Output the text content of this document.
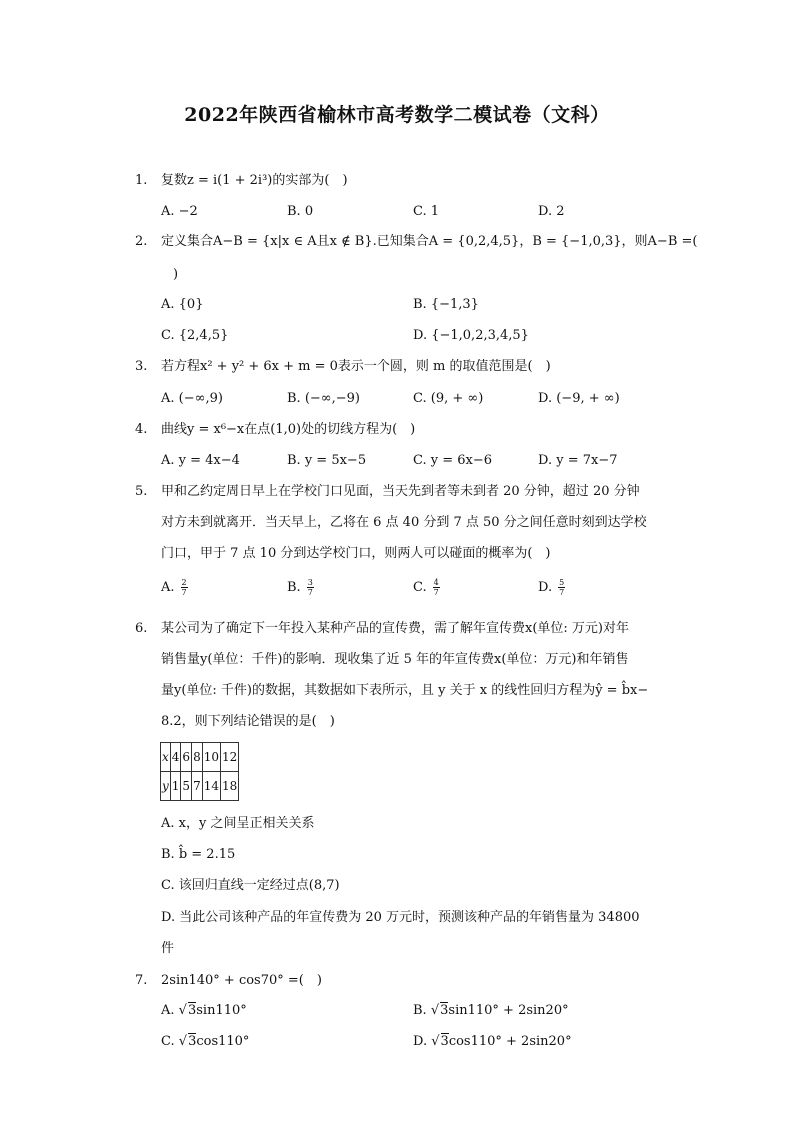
2022年陕西省榆林市高考数学二模试卷（文科）
1. 复数z = i(1 + 2i³)的实部为(　)
A. −2	B. 0	C. 1	D. 2
2. 定义集合A−B = {x|x ∈ A且x ∉ B}.已知集合A = {0,2,4,5}，B = {−1,0,3}，则A−B =(
)
A. {0}	B. {−1,3}
C. {2,4,5}	D. {−1,0,2,3,4,5}
3. 若方程x² + y² + 6x + m = 0表示一个圆，则 m 的取值范围是(　)
A. (−∞,9)	B. (−∞,−9)	C. (9, + ∞)	D. (−9, + ∞)
4. 曲线y = x⁶−x在点(1,0)处的切线方程为(　)
A. y = 4x−4	B. y = 5x−5	C. y = 6x−6	D. y = 7x−7
5. 甲和乙约定周日早上在学校门口见面，当天先到者等未到者 20 分钟，超过 20 分钟
对方未到就离开．当天早上，乙将在 6 点 40 分到 7 点 50 分之间任意时刻到达学校
门口，甲于 7 点 10 分到达学校门口，则两人可以碰面的概率为(　)
A. $\frac{2}{7}$	B. $\frac{3}{7}$	C. $\frac{4}{7}$	D. $\frac{5}{7}$
6. 某公司为了确定下一年投入某种产品的宣传费，需了解年宣传费x(单位: 万元)对年
销售量y(单位：千件)的影响．现收集了近 5 年的年宣传费x(单位：万元)和年销售
量y(单位: 千件)的数据，其数据如下表所示，且 y 关于 x 的线性回归方程为ŷ = b̂x−
8.2，则下列结论错误的是(　)
x	4	6	8	10	12
y	1	5	7	14	18
A. x，y 之间呈正相关关系
B. b̂ = 2.15
C. 该回归直线一定经过点(8,7)
D. 当此公司该种产品的年宣传费为 20 万元时，预测该种产品的年销售量为 34800
件
7. 2sin140° + cos70° =(　)
A. √3sin110°	B. √3sin110° + 2sin20°
C. √3cos110°	D. √3cos110° + 2sin20°
